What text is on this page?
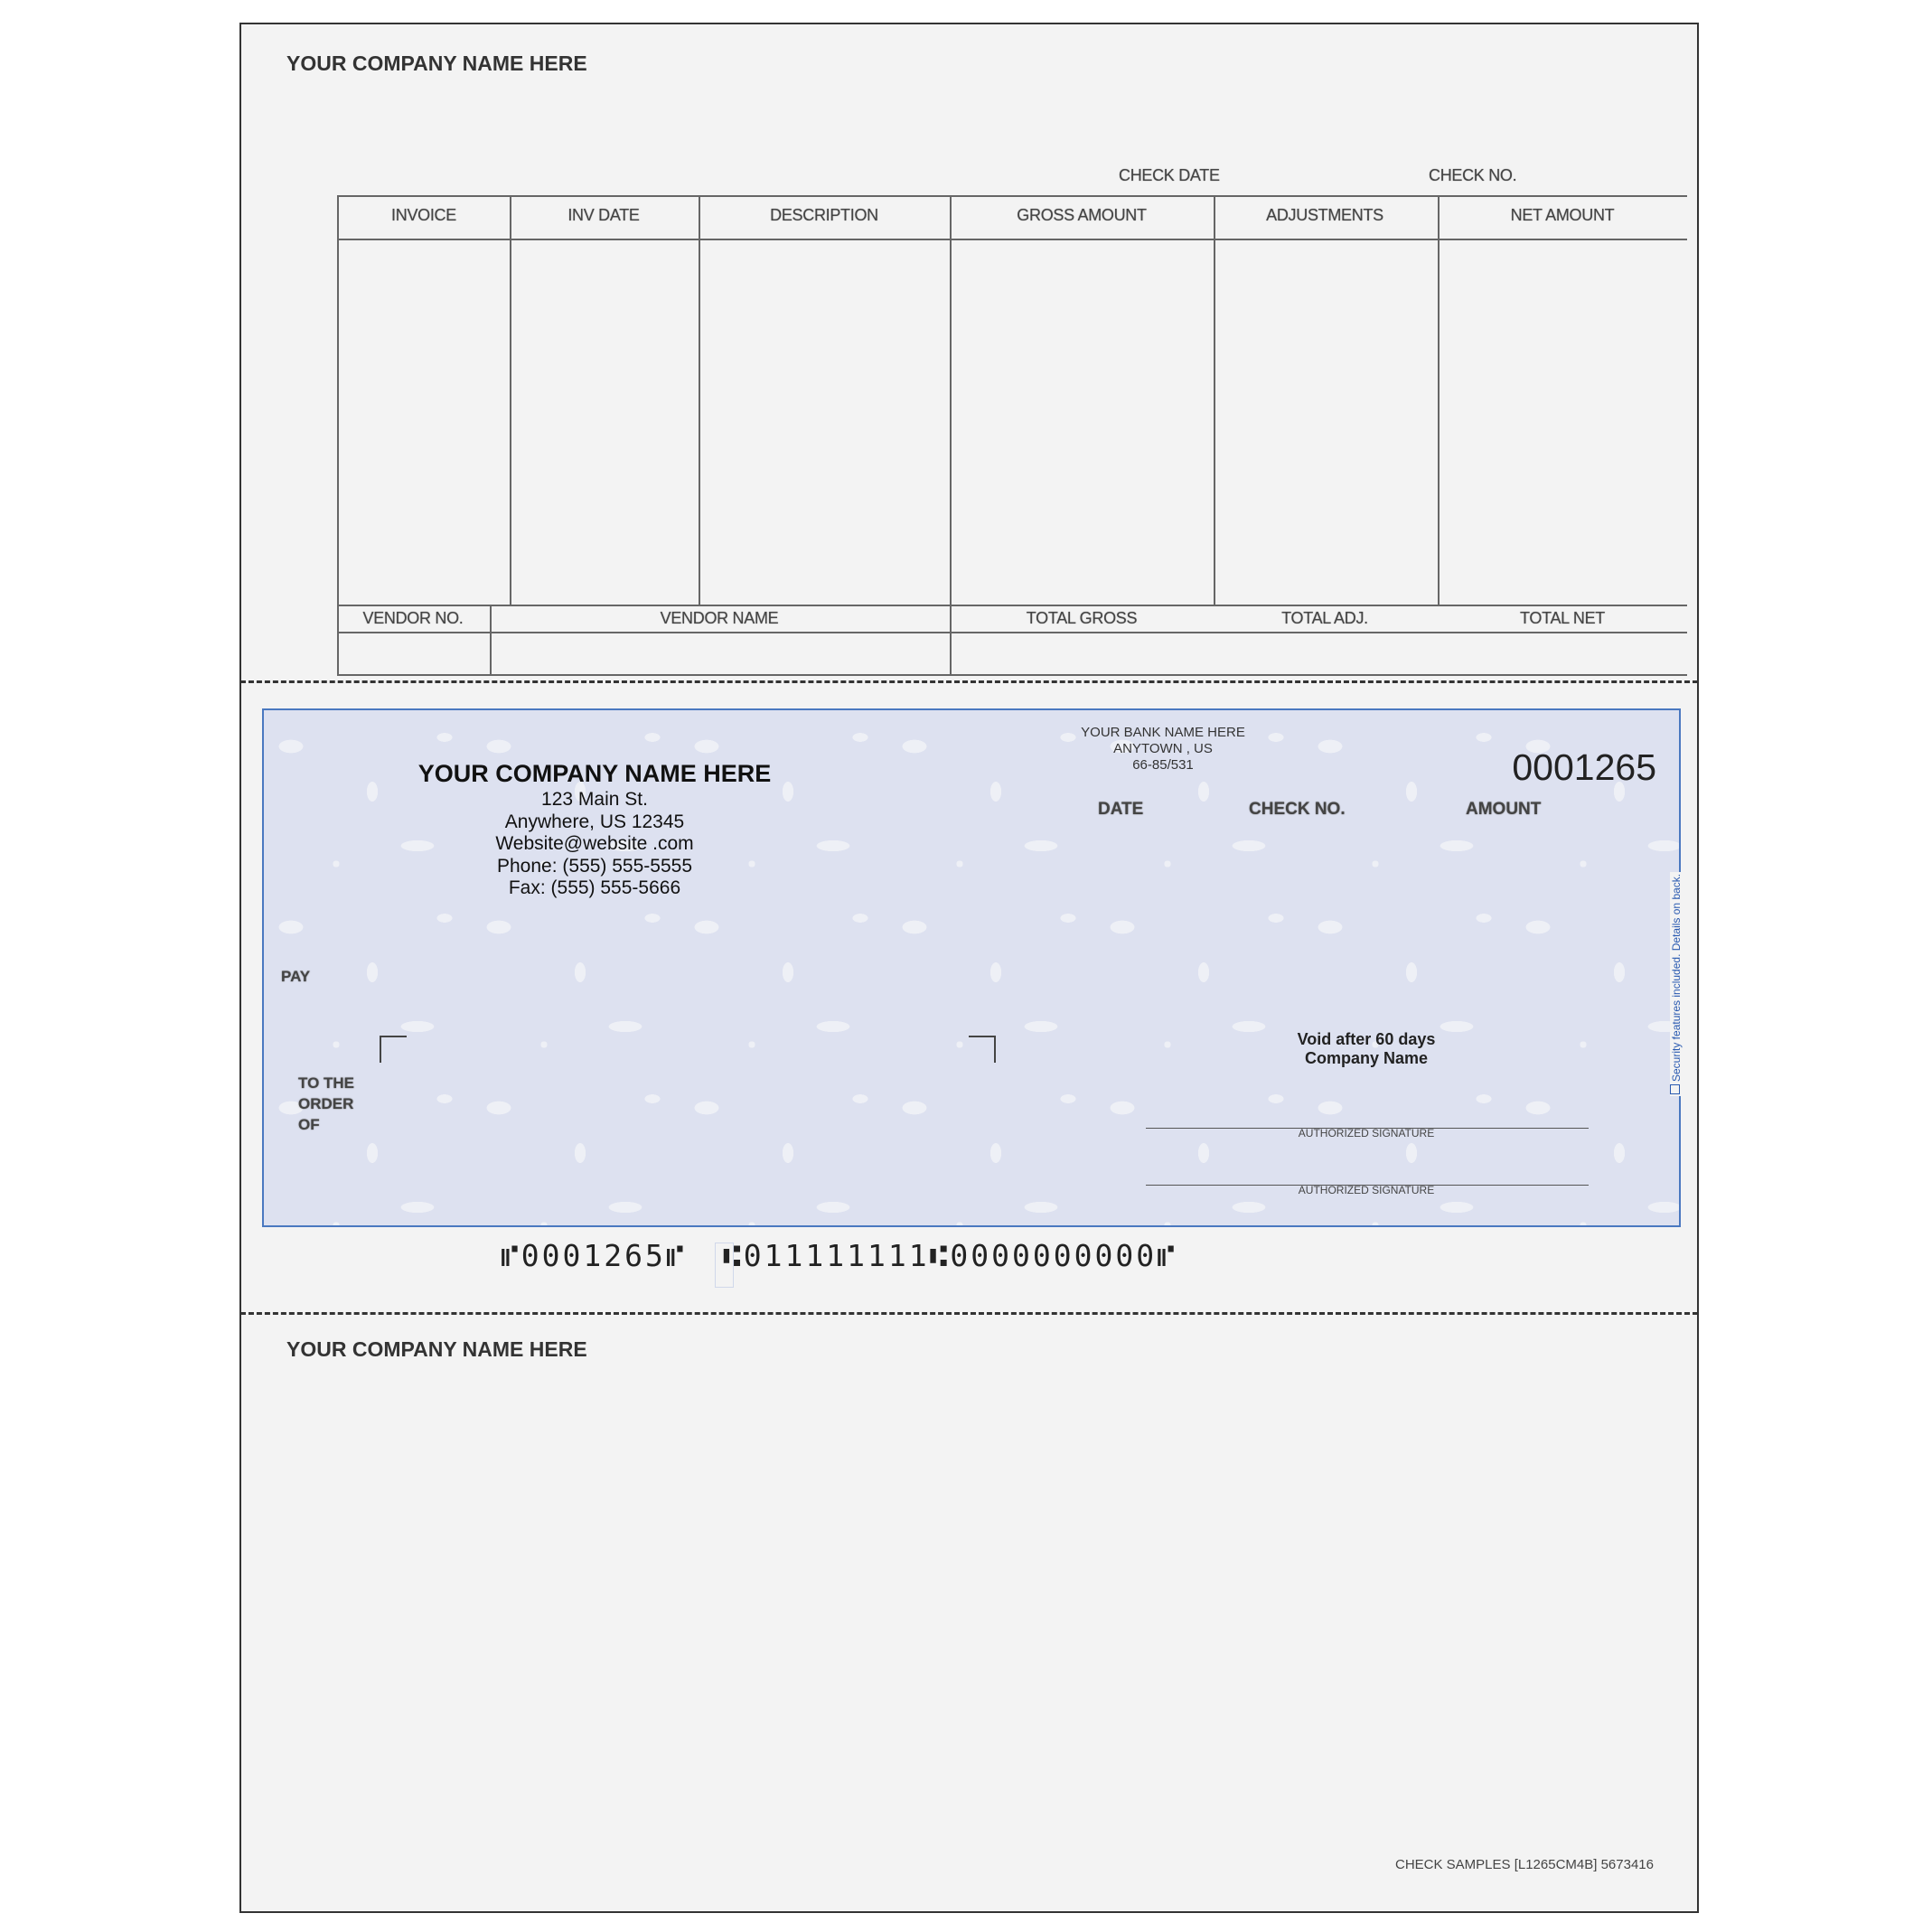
YOUR COMPANY NAME HERE
CHECK DATE	CHECK NO.
INVOICE	INV DATE	DESCRIPTION	GROSS AMOUNT	ADJUSTMENTS	NET AMOUNT
VENDOR NO.	VENDOR NAME	TOTAL GROSS	TOTAL ADJ.	TOTAL NET
YOUR COMPANY NAME HERE
123 Main St.
Anywhere, US 12345
Website@website .com
Phone: (555) 555-5555
Fax: (555) 555-5666
YOUR BANK NAME HERE
ANYTOWN , US
66-85/531	0001265
DATE	CHECK NO.	AMOUNT
PAY
TO THE
ORDER
OF
Void after 60 days
Company Name
AUTHORIZED SIGNATURE
AUTHORIZED SIGNATURE
Security features included. Details on back.
⑈0001265⑈ ⑆011111111⑆0000000000⑈
YOUR COMPANY NAME HERE
CHECK SAMPLES [L1265CM4B] 5673416
